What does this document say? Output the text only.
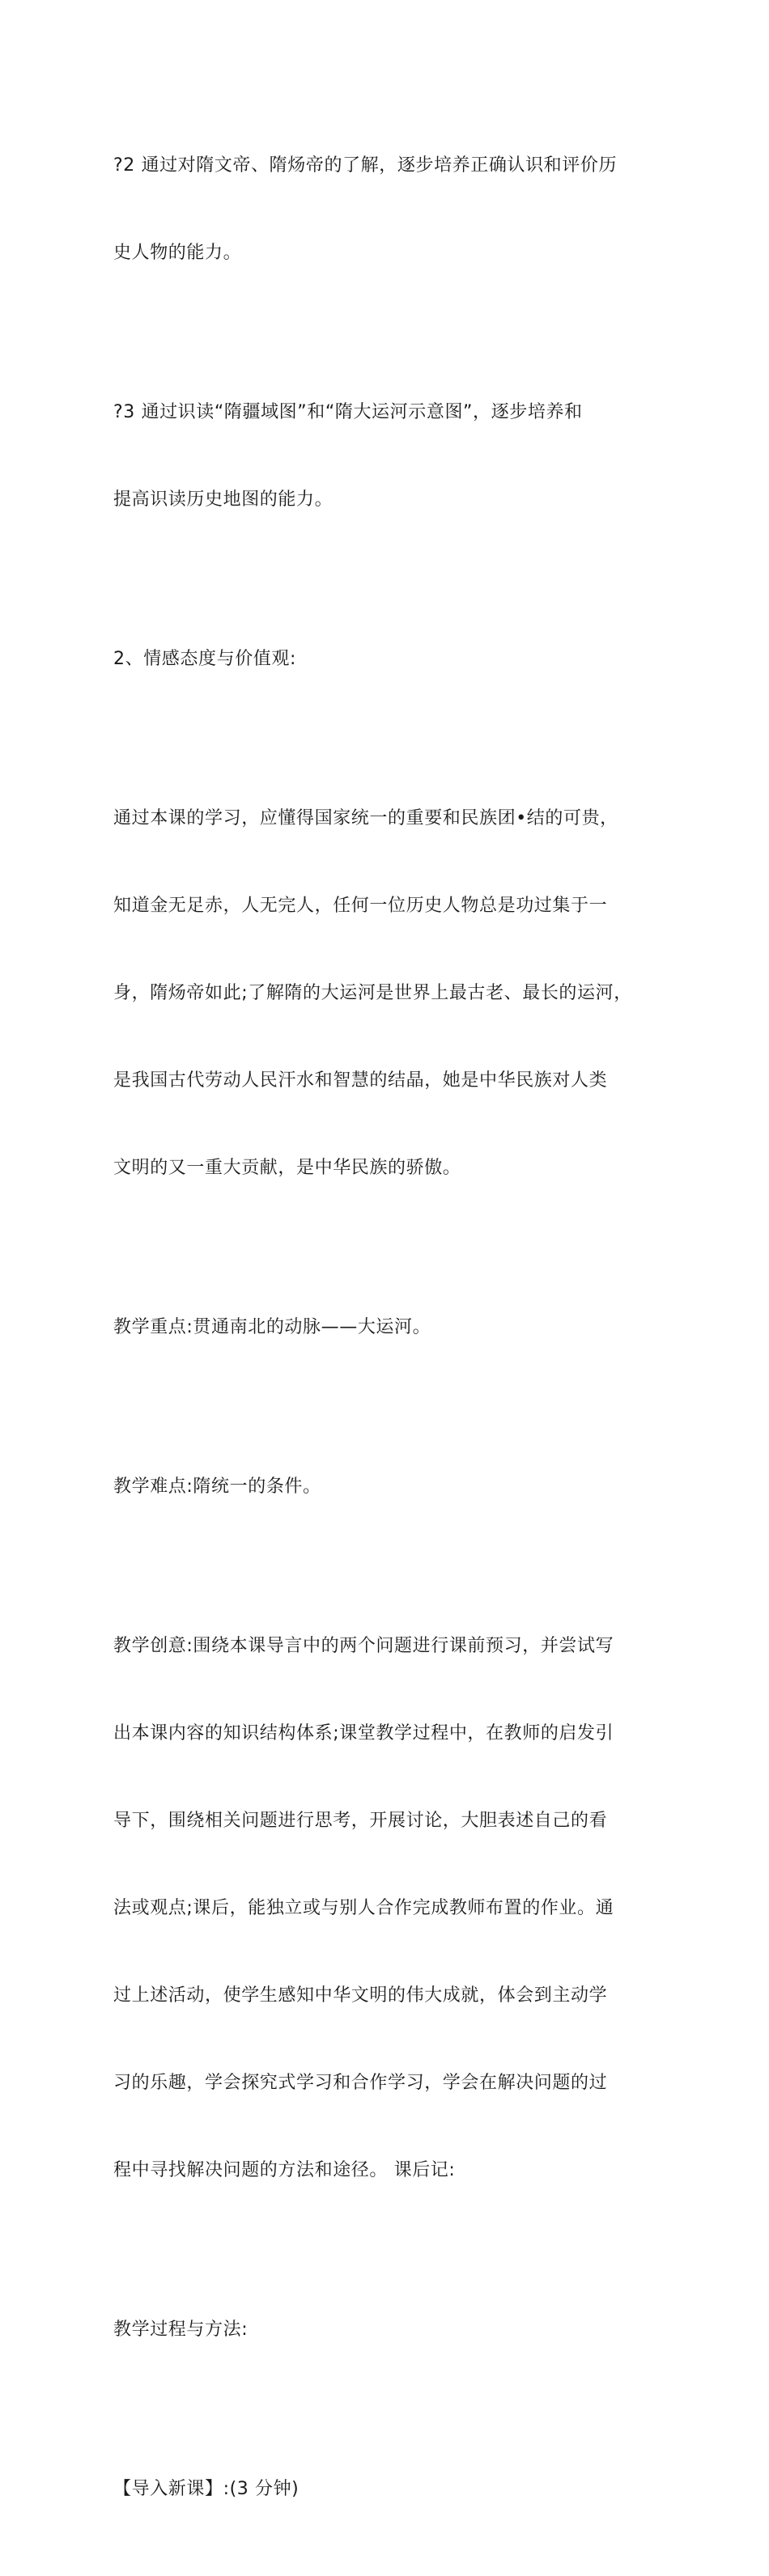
?2 通过对隋文帝、隋炀帝的了解，逐步培养正确认识和评价历

史人物的能力。

?3 通过识读“隋疆域图”和“隋大运河示意图”，逐步培养和

提高识读历史地图的能力。

2、情感态度与价值观:

通过本课的学习，应懂得国家统一的重要和民族团•结的可贵，

知道金无足赤，人无完人，任何一位历史人物总是功过集于一

身，隋炀帝如此;了解隋的大运河是世界上最古老、最长的运河，

是我国古代劳动人民汗水和智慧的结晶，她是中华民族对人类

文明的又一重大贡献，是中华民族的骄傲。

教学重点:贯通南北的动脉——大运河。

教学难点:隋统一的条件。

教学创意:围绕本课导言中的两个问题进行课前预习，并尝试写

出本课内容的知识结构体系;课堂教学过程中，在教师的启发引

导下，围绕相关问题进行思考，开展讨论，大胆表述自己的看

法或观点;课后，能独立或与别人合作完成教师布置的作业。通

过上述活动，使学生感知中华文明的伟大成就，体会到主动学

习的乐趣，学会探究式学习和合作学习，学会在解决问题的过

程中寻找解决问题的方法和途径。 课后记:

教学过程与方法:

【导入新课】:(3 分钟)
